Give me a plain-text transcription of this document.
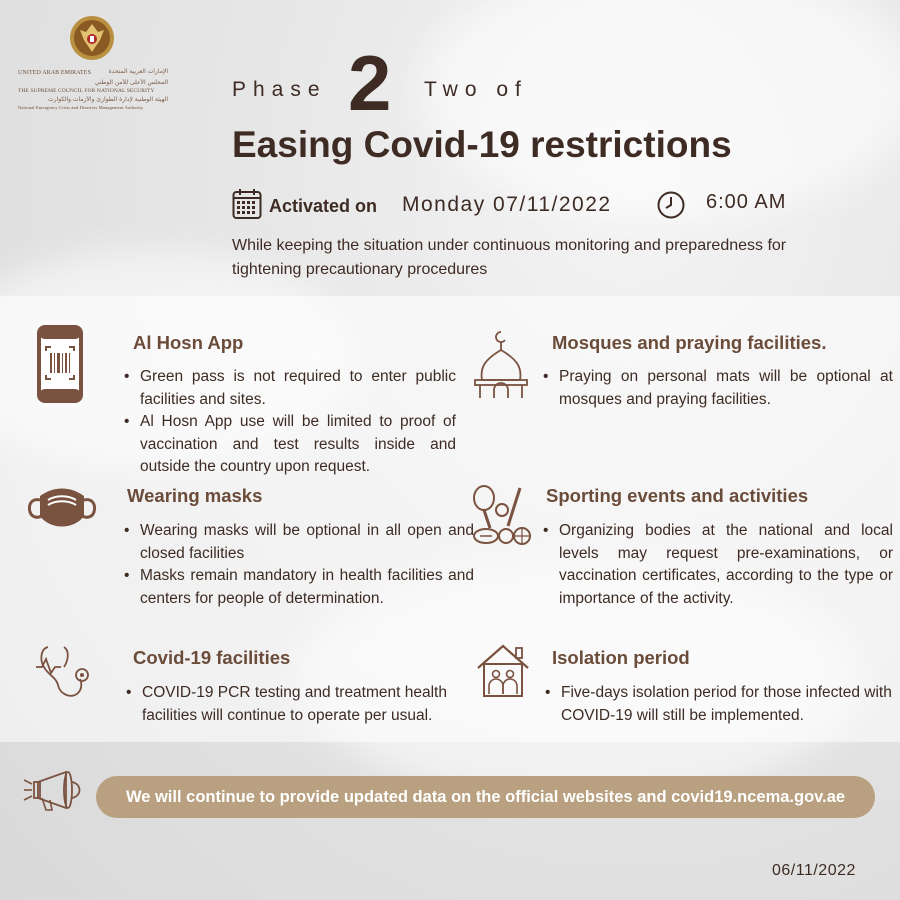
UNITED ARAB EMIRATES	الإمارات العربية المتحدة
المجلس الأعلى للأمن الوطني
THE SUPREME COUNCIL FOR NATIONAL SECURITY
الهيئة الوطنية لإدارة الطوارئ والأزمات والكوارث
National Emergency Crisis and Disasters Management Authority
Phase 2 Two of
Easing Covid-19 restrictions
Activated on Monday 07/11/2022	6:00 AM

While keeping the situation under continuous monitoring and preparedness for tightening precautionary procedures

Al Hosn App
• Green pass is not required to enter public facilities and sites.
• Al Hosn App use will be limited to proof of vaccination and test results inside and outside the country upon request.
Mosques and praying facilities.
• Praying on personal mats will be optional at mosques and praying facilities.
Wearing masks
• Wearing masks will be optional in all open and closed facilities
• Masks remain mandatory in health facilities and centers for people of determination.
Sporting events and activities
• Organizing bodies at the national and local levels may request pre-examinations, or vaccination certificates, according to the type or importance of the activity.
Covid-19 facilities
• COVID-19 PCR testing and treatment health facilities will continue to operate per usual.
Isolation period
• Five-days isolation period for those infected with COVID-19 will still be implemented.
We will continue to provide updated data on the official websites and covid19.ncema.gov.ae
06/11/2022
